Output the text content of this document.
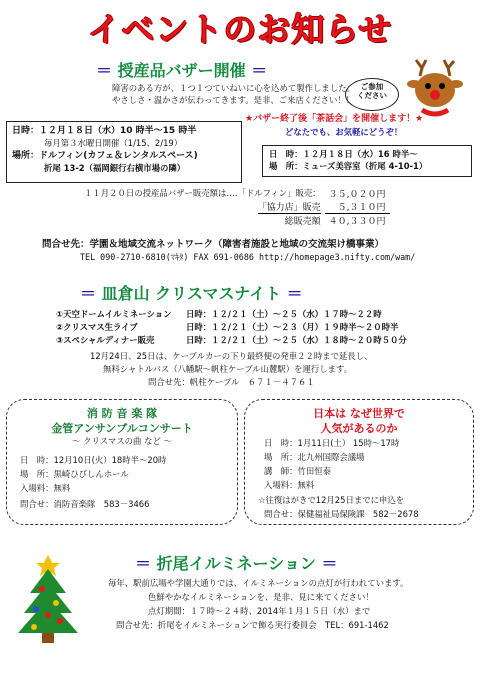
イベントのお知らせ
＝ 授産品バザー開催 ＝
ご参加
ください
障害のある方が、１つ１つていねいに心を込めて製作しました。
やさしさ・温かさが伝わってきます。是非、ご来店ください！！
日時：１２月１８日（水）10 時半～15 時半
毎月第３水曜日開催（1/15、2/19）
場所：ドルフィン(カフェ＆レンタルスペース)
折尾 13-2（福岡銀行右横市場の隣）
★バザー終了後「茶話会」を開催します！★
どなたでも、お気軽にどうぞ！
日　時：１２月１８日（水）16 時半～
場　所：ミューズ美容室（折尾 4-10-1）
１１月２０日の授産品バザー販売額は‥‥「ドルフィン」販売：	３５,０２０円
「協力店」販売	５,３１０円
総販売額	４０,３３０円
問合せ先：学園＆地域交流ネットワーク（障害者施設と地域の交流架け橋事業）
TEL 090-2710-6810(ﾏｷﾀ) FAX 691-0686 http://homepage3.nifty.com/wam/
＝ 皿倉山 クリスマスナイト ＝
①天空ドームイルミネーション 日時：１２/２１（土）～２５（水）１７時～２２時
②クリスマス生ライブ	日時：１２/２１（土）～２３（月）１９時半～２０時半
③スペシャルディナー販売	日時：１２/２１（土）～２５（水）１８時～２０時５０分
12月24日、25日は、ケーブルカーの下り最終便の発車２２時まで延長し、
無料シャトルバス（八幡駅～帆柱ケーブル山麓駅）を運行します。
問合せ先：帆柱ケーブル　６７１－４７６１
消 防 音 楽 隊
金管アンサンブルコンサート
～ クリスマスの曲 など ～
日　時：12月10日(火）18時半～20時
場　所：黒崎ひびしんホール
入場料：無料
問合せ：消防音楽隊　583－3466
日本は なぜ世界で
人気があるのか
日　時：1月11日(土） 15時～17時
場　所：北九州国際会議場
講　師：竹田恒泰
入場料：無料
☆往復はがきで12月25日までに申込を
問合せ：保健福祉局保険課　582－2678
＝ 折尾イルミネーション ＝
毎年、駅前広場や学園大通りでは、イルミネーションの点灯が行われています。
色鮮やかなイルミネーションを、是非、見に来てください！
点灯期間：１７時～２４時、2014年１月１５日（水）まで
問合せ先：折尾をイルミネーションで飾る実行委員会　TEL：691-1462
